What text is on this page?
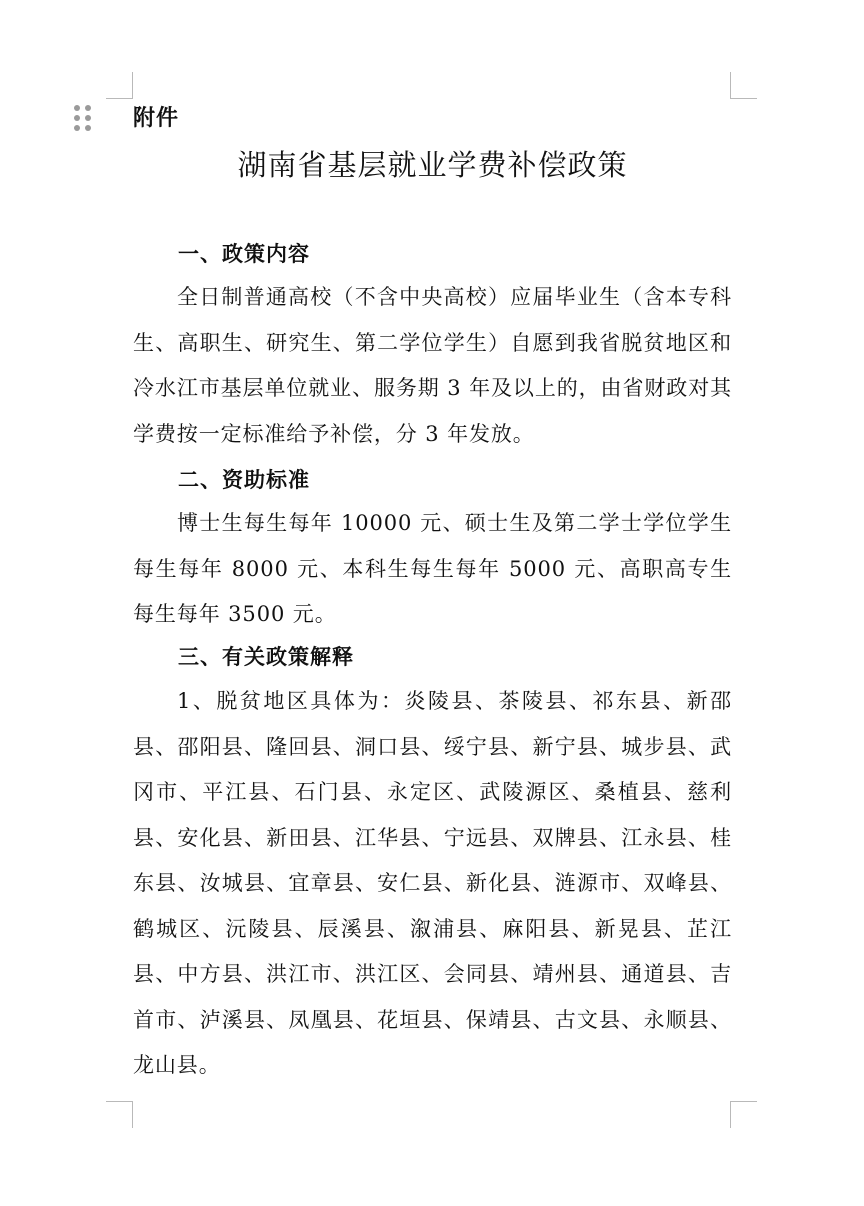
附件
湖南省基层就业学费补偿政策
一、政策内容

全日制普通高校（不含中央高校）应届毕业生（含本专科生、高职生、研究生、第二学位学生）自愿到我省脱贫地区和冷水江市基层单位就业、服务期 3 年及以上的，由省财政对其学费按一定标准给予补偿，分 3 年发放。

二、资助标准

博士生每生每年 10000 元、硕士生及第二学士学位学生每生每年 8000 元、本科生每生每年 5000 元、高职高专生每生每年 3500 元。

三、有关政策解释

1、脱贫地区具体为：炎陵县、茶陵县、祁东县、新邵县、邵阳县、隆回县、洞口县、绥宁县、新宁县、城步县、武冈市、平江县、石门县、永定区、武陵源区、桑植县、慈利县、安化县、新田县、江华县、宁远县、双牌县、江永县、桂东县、汝城县、宜章县、安仁县、新化县、涟源市、双峰县、鹤城区、沅陵县、辰溪县、溆浦县、麻阳县、新晃县、芷江县、中方县、洪江市、洪江区、会同县、靖州县、通道县、吉首市、泸溪县、凤凰县、花垣县、保靖县、古文县、永顺县、龙山县。
